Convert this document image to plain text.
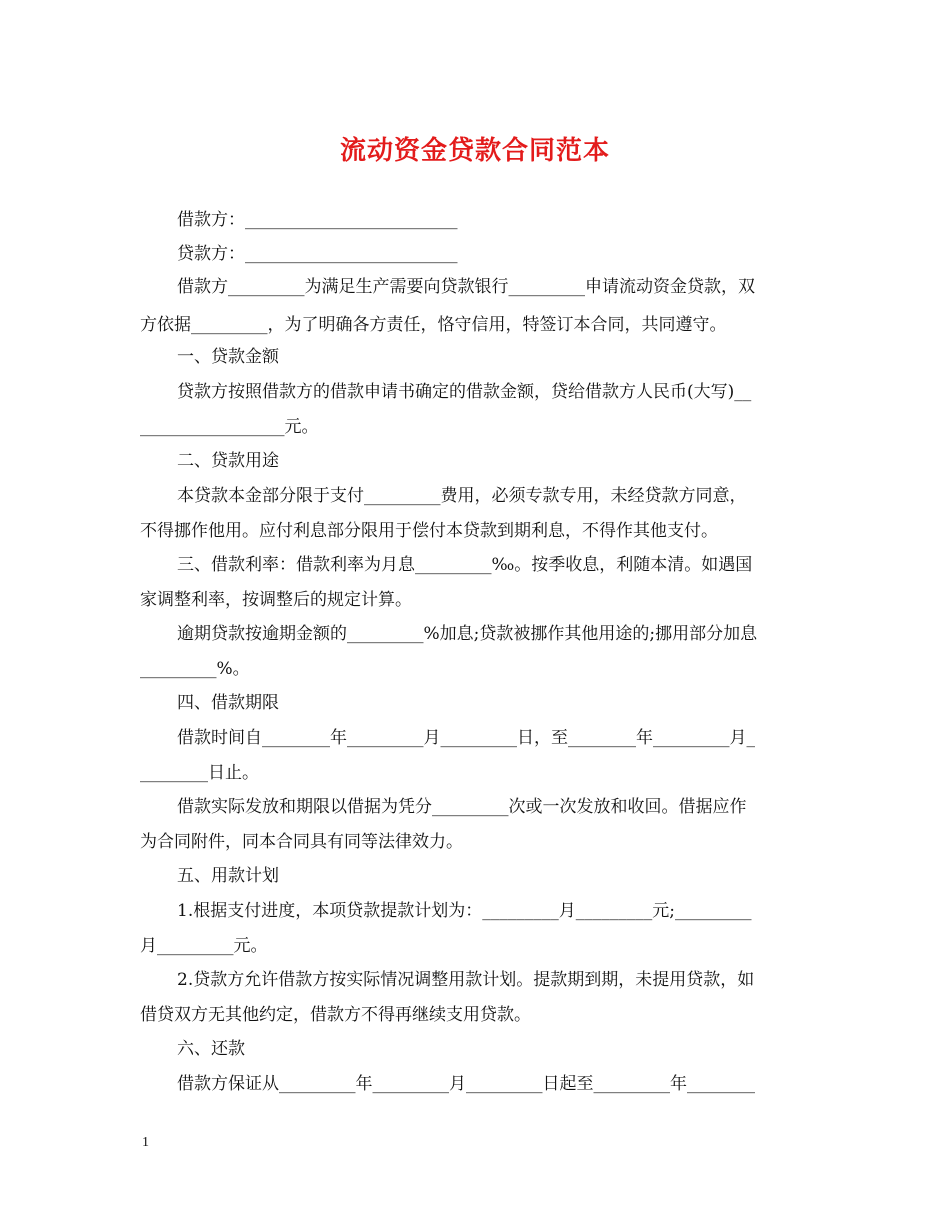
流动资金贷款合同范本
借款方：_________________________
贷款方：_________________________
借款方_________为满足生产需要向贷款银行_________申请流动资金贷款，双
方依据_________，为了明确各方责任，恪守信用，特签订本合同，共同遵守。
一、贷款金额
贷款方按照借款方的借款申请书确定的借款金额，贷给借款方人民币(大写)__
_________________元。
二、贷款用途
本贷款本金部分限于支付_________费用，必须专款专用，未经贷款方同意，
不得挪作他用。应付利息部分限用于偿付本贷款到期利息，不得作其他支付。
三、借款利率：借款利率为月息_________‰。按季收息，利随本清。如遇国
家调整利率，按调整后的规定计算。
逾期贷款按逾期金额的_________%加息;贷款被挪作其他用途的;挪用部分加息
_________%。
四、借款期限
借款时间自________年_________月_________日，至________年_________月_
________日止。
借款实际发放和期限以借据为凭分_________次或一次发放和收回。借据应作
为合同附件，同本合同具有同等法律效力。
五、用款计划
1.根据支付进度，本项贷款提款计划为：_________月_________元;_________
月_________元。
2.贷款方允许借款方按实际情况调整用款计划。提款期到期，未提用贷款，如
借贷双方无其他约定，借款方不得再继续支用贷款。
六、还款
借款方保证从_________年_________月_________日起至_________年________
1
